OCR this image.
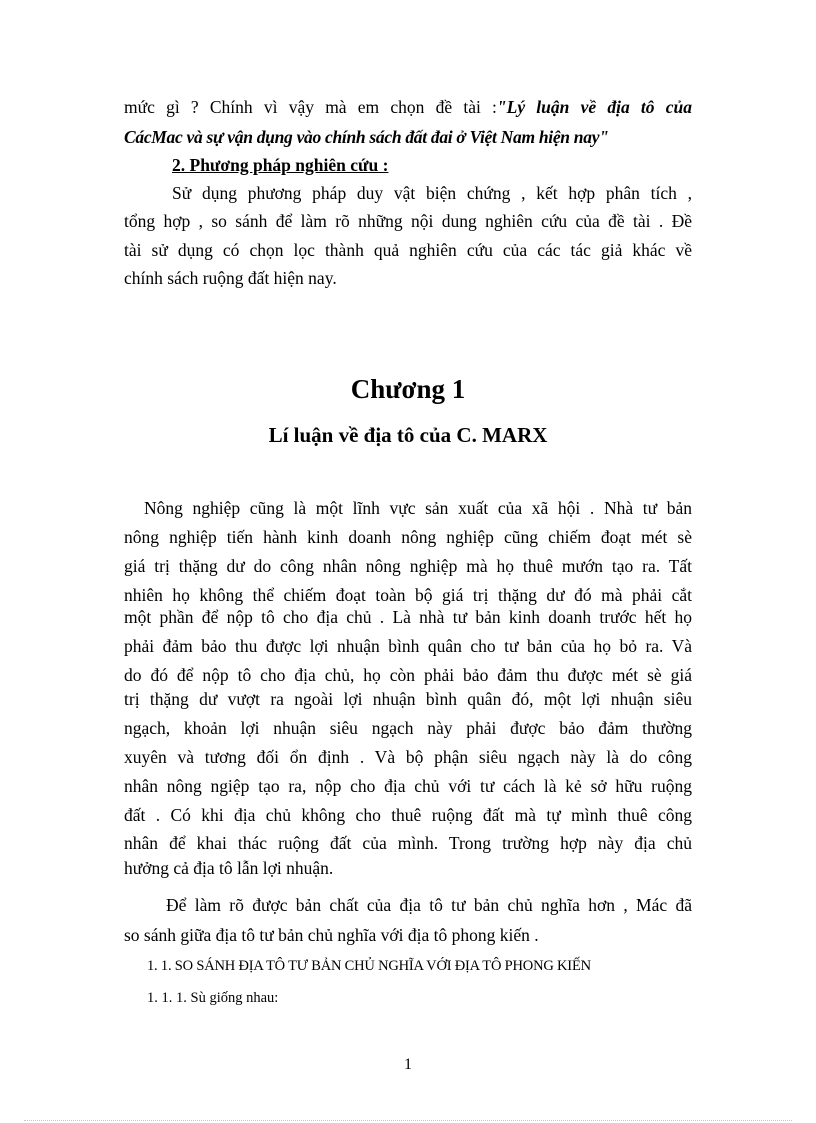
mức gì ? Chính vì vậy mà em chọn đề tài :"Lý luận về địa tô của
CácMac và sự vận dụng vào chính sách đất đai ở Việt Nam hiện nay"
2. Phương pháp nghiên cứu :
Sử dụng phương pháp duy vật biện chứng , kết hợp phân tích ,
tổng hợp , so sánh để làm rõ những nội dung nghiên cứu của đề tài . Đề
tài sử dụng có chọn lọc thành quả nghiên cứu của các tác giả khác về
chính sách ruộng đất hiện nay.
Chương 1
Lí luận về địa tô của C. MARX
Nông nghiệp cũng là một lĩnh vực sản xuất của xã hội . Nhà tư bản
nông nghiệp tiến hành kinh doanh nông nghiệp cũng chiếm đoạt mét sè
giá trị thặng dư do công nhân nông nghiệp mà họ thuê mướn tạo ra. Tất
nhiên họ không thể chiếm đoạt toàn bộ giá trị thặng dư đó mà phải cắt
một phần để nộp tô cho địa chủ . Là nhà tư bản kinh doanh trước hết họ
phải đảm bảo thu được lợi nhuận bình quân cho tư bản của họ bỏ ra. Và
do đó để nộp tô cho địa chủ, họ còn phải bảo đảm thu được mét sè giá
trị thặng dư vượt ra ngoài lợi nhuận bình quân đó, một lợi nhuận siêu
ngạch, khoản lợi nhuận siêu ngạch này phải được bảo đảm thường
xuyên và tương đối ổn định . Và bộ phận siêu ngạch này là do công
nhân nông ngiệp tạo ra, nộp cho địa chủ với tư cách là kẻ sở hữu ruộng
đất . Có khi địa chủ không cho thuê ruộng đất mà tự mình thuê công
nhân để khai thác ruộng đất của mình. Trong trường hợp này địa chủ
hưởng cả địa tô lẫn lợi nhuận.
Để làm rõ được bản chất của địa tô tư bản chủ nghĩa hơn , Mác đã
so sánh giữa địa tô tư bản chủ nghĩa với địa tô phong kiến .
1. 1. SO SÁNH ĐỊA TÔ TƯ BẢN CHỦ NGHĨA VỚI ĐỊA TÔ PHONG KIẾN
1. 1. 1. Sù giống nhau:
1
